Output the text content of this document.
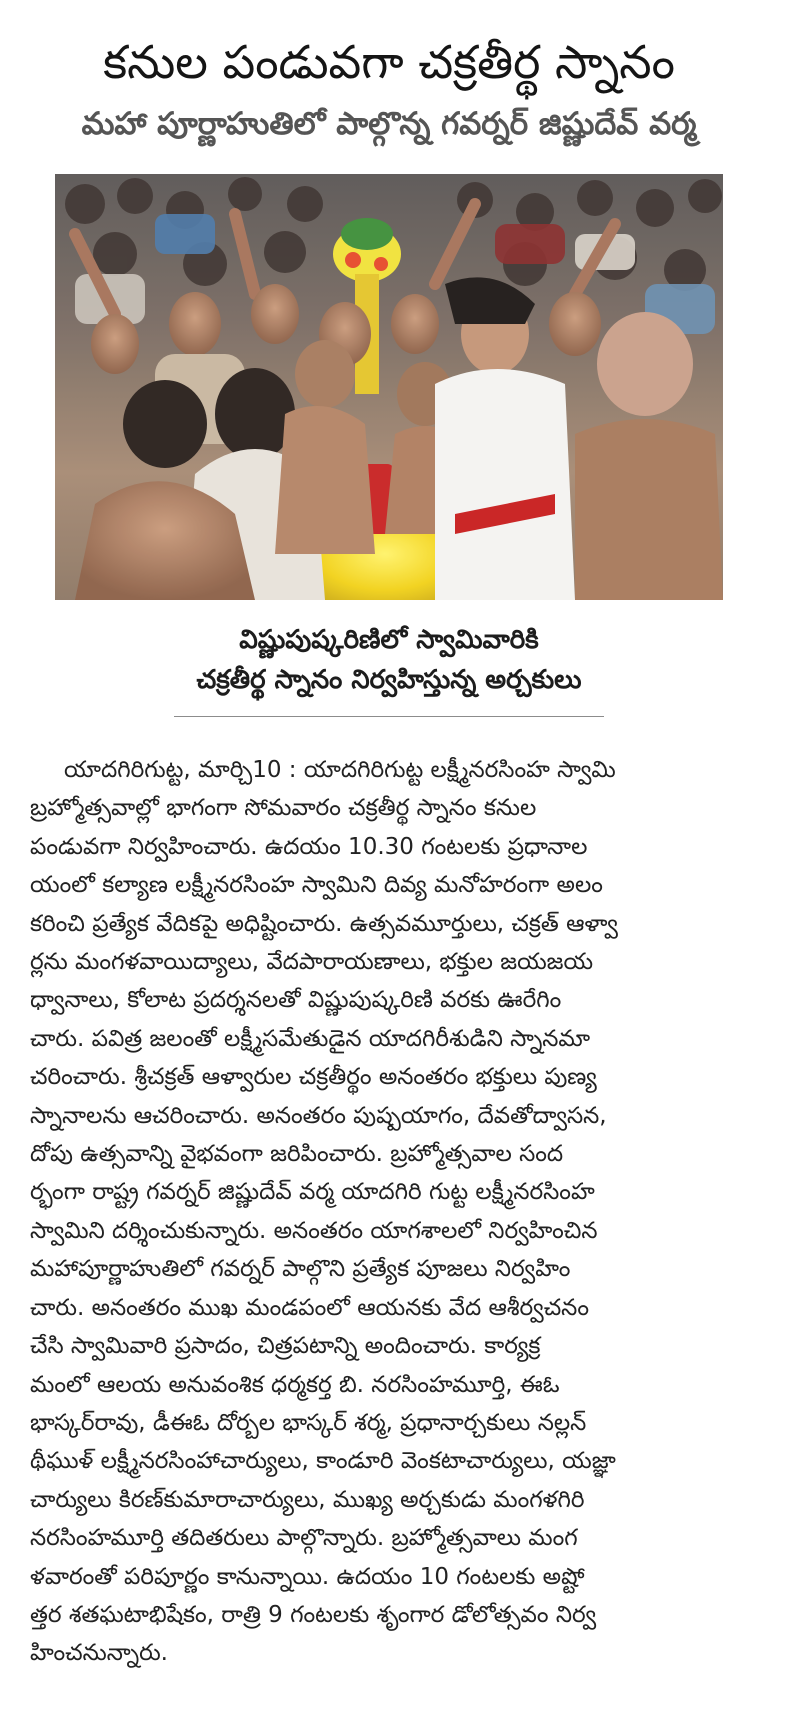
కనుల పండువగా చక్రతీర్థ స్నానం
మహా పూర్ణాహుతిలో పాల్గొన్న గవర్నర్ జిష్ణుదేవ్ వర్మ
విష్ణుపుష్కరిణిలో స్వామివారికి
చక్రతీర్థ స్నానం నిర్వహిస్తున్న అర్చకులు
యాదగిరిగుట్ట, మార్చి10 : యాదగిరిగుట్ట లక్ష్మీనరసింహ స్వామి
బ్రహ్మోత్సవాల్లో భాగంగా సోమవారం చక్రతీర్థ స్నానం కనుల
పండువగా నిర్వహించారు. ఉదయం 10.30 గంటలకు ప్రధానాల
యంలో కల్యాణ లక్ష్మీనరసింహ స్వామిని దివ్య మనోహరంగా అలం
కరించి ప్రత్యేక వేదికపై అధిష్టించారు. ఉత్సవమూర్తులు, చక్రత్ ఆళ్వా
ర్లను మంగళవాయిద్యాలు, వేదపారాయణాలు, భక్తుల జయజయ
ధ్వానాలు, కోలాట ప్రదర్శనలతో విష్ణుపుష్కరిణి వరకు ఊరేగిం
చారు. పవిత్ర జలంతో లక్ష్మీసమేతుడైన యాదగిరీశుడిని స్నానమా
చరించారు. శ్రీచక్రత్ ఆళ్వారుల చక్రతీర్థం అనంతరం భక్తులు పుణ్య
స్నానాలను ఆచరించారు. అనంతరం పుష్పయాగం, దేవతోద్వాసన,
దోపు ఉత్సవాన్ని వైభవంగా జరిపించారు. బ్రహ్మోత్సవాల సంద
ర్భంగా రాష్ట్ర గవర్నర్ జిష్ణుదేవ్ వర్మ యాదగిరి గుట్ట లక్ష్మీనరసింహ
స్వామిని దర్శించుకున్నారు. అనంతరం యాగశాలలో నిర్వహించిన
మహాపూర్ణాహుతిలో గవర్నర్ పాల్గొని ప్రత్యేక పూజలు నిర్వహిం
చారు. అనంతరం ముఖ మండపంలో ఆయనకు వేద ఆశీర్వచనం
చేసి స్వామివారి ప్రసాదం, చిత్రపటాన్ని అందించారు. కార్యక్ర
మంలో ఆలయ అనువంశిక ధర్మకర్త బి. నరసింహమూర్తి, ఈఓ
భాస్కర్‌రావు, డీఈఓ దోర్బల భాస్కర్ శర్మ, ప్రధానార్చకులు నల్లన్
థీఘుళ్ లక్ష్మీనరసింహాచార్యులు, కాండూరి వెంకటాచార్యులు, యజ్ఞా
చార్యులు కిరణ్‌కుమారాచార్యులు, ముఖ్య అర్చకుడు మంగళగిరి
నరసింహమూర్తి తదితరులు పాల్గొన్నారు. బ్రహ్మోత్సవాలు మంగ
ళవారంతో పరిపూర్ణం కానున్నాయి. ఉదయం 10 గంటలకు అష్టో
త్తర శతఘటాభిషేకం, రాత్రి 9 గంటలకు శృంగార డోలోత్సవం నిర్వ
హించనున్నారు.
